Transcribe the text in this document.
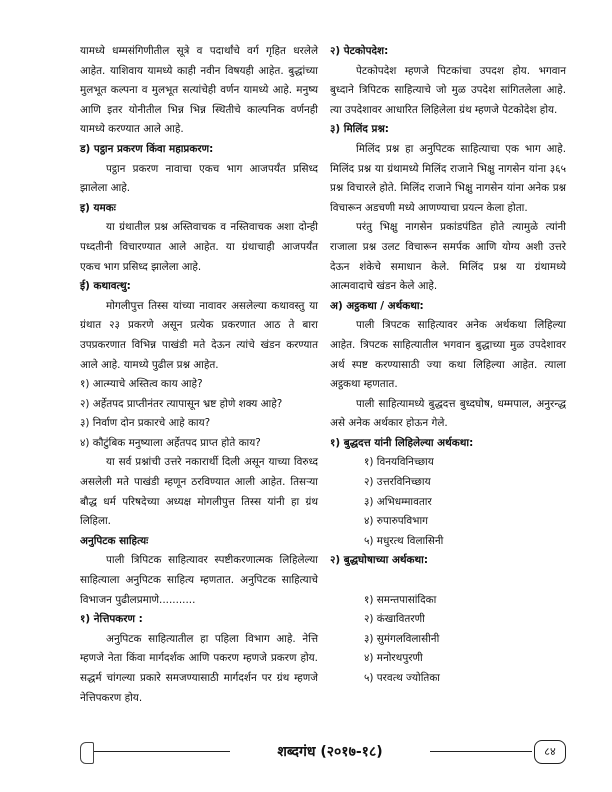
यामध्ये धम्मसंगिणीतील सूत्रे व पदार्थांचे वर्ग गृहित धरलेले आहेत. याशिवाय यामध्ये काही नवीन विषयही आहेत. बुद्धांच्या मुलभूत कल्पना व मुलभूत सत्यांचेही वर्णन यामध्ये आहे. मनुष्य आणि इतर योनीतील भिन्न भिन्न स्थितीचे काल्पनिक वर्णनही यामध्ये करण्यात आले आहे.

ड) पट्ठान प्रकरण किंवा महाप्रकरण:

पट्ठान प्रकरण नावाचा एकच भाग आजपर्यंत प्रसिध्द झालेला आहे.

इ) यमकः

या ग्रंथातील प्रश्न अस्तिवाचक व नस्तिवाचक अशा दोन्ही पध्दतीनी विचारण्यात आले आहेत. या ग्रंथाचाही आजपर्यंत एकच भाग प्रसिध्द झालेला आहे.

ई) कथावत्थु:

मोगलीपुत्त तिस्स यांच्या नावावर असलेल्या कथावस्तु या ग्रंथात २३ प्रकरणे असून प्रत्येक प्रकरणात आठ ते बारा उपप्रकरणात विभिन्न पाखंडी मते देऊन त्यांचे खंडन करण्यात आले आहे. यामध्ये पुढील प्रश्न आहेत.

१) आत्म्याचे अस्तित्व काय आहे?

२) अर्हेतपद प्राप्तीनंतर त्यापासून भ्रष्ट होणे शक्य आहे?

३) निर्वाण दोन प्रकारचे आहे काय?

४) कौटुंबिक मनुष्याला अर्हेतपद प्राप्त होते काय?

या सर्व प्रश्नांची उत्तरे नकारार्थी दिली असून याच्या विरुध्द असलेली मते पाखंडी म्हणून ठरविण्यात आली आहेत. तिसऱ्या बौद्ध धर्म परिषदेच्या अध्यक्ष मोगलीपुत्त तिस्स यांनी हा ग्रंथ लिहिला.

अनुपिटक साहित्यः

पाली त्रिपिटक साहित्यावर स्पष्टीकरणात्मक लिहिलेल्या साहित्याला अनुपिटक साहित्य म्हणतात. अनुपिटक साहित्याचे विभाजन पुढीलप्रमाणे...........

१) नेत्तिपकरण :

अनुपिटक साहित्यातील हा पहिला विभाग आहे. नेत्ति म्हणजे नेता किंवा मार्गदर्शक आणि पकरण म्हणजे प्रकरण होय. सद्धर्म चांगल्या प्रकारे समजण्यासाठी मार्गदर्शन पर ग्रंथ म्हणजे नेत्तिपकरण होय.

२) पेटकोपदेश:

पेटकोपदेश म्हणजे पिटकांचा उपदश होय. भगवान बुध्दाने त्रिपिटक साहित्याचे जो मुळ उपदेश सांगितलेला आहे. त्या उपदेशावर आधारित लिहिलेला ग्रंथ म्हणजे पेटकोदेश होय.

३) मिलिंद प्रश्न:

मिलिंद प्रश्न हा अनुपिटक साहित्याचा एक भाग आहे. मिलिंद प्रश्न या ग्रंथामध्ये मिलिंद राजाने भिक्षु नागसेन यांना ३६५ प्रश्न विचारले होते. मिलिंद राजाने भिक्षु नागसेन यांना अनेक प्रश्न विचारून अडचणी मध्ये आणण्याचा प्रयत्न केला होता.

परंतु भिक्षु नागसेन प्रकांडपंडित होते त्यामुळे त्यांनी राजाला प्रश्न उलट विचारून समर्पक आणि योग्य अशी उत्तरे देऊन शंकेचे समाधान केले. मिलिंद प्रश्न या ग्रंथामध्ये आत्मवादाचे खंडन केले आहे.

अ) अट्ठकथा / अर्थकथा:

पाली त्रिपटक साहित्यावर अनेक अर्थकथा लिहिल्या आहेत. त्रिपटक साहित्यातील भगवान बुद्धाच्या मुळ उपदेशावर अर्थ स्पष्ट करण्यासाठी ज्या कथा लिहिल्या आहेत. त्याला अट्ठकथा म्हणतात.

पाली साहित्यामध्ये बुद्धदत्त बुध्दघोष, धम्मपाल, अनुरन्द्ध असे अनेक अर्थकार होऊन गेले.

१) बुद्धदत्त यांनी लिहिलेल्या अर्थकथा:

१) विनयविनिच्छाय

२) उत्तरविनिच्छाय

३) अभिधम्मावतार

४) रुपारुपविभाग

५) मधुरत्थ विलासिनी

२) बुद्धघोषाच्या अर्थकथा:

१) समन्तपासांदिका

२) कंखावितरणी

३) सुमंगलविलासीनी

४) मनोरथपुरणी

५) परवत्थ ज्योतिका

शब्दगंध (२०१७-१८)	८४
